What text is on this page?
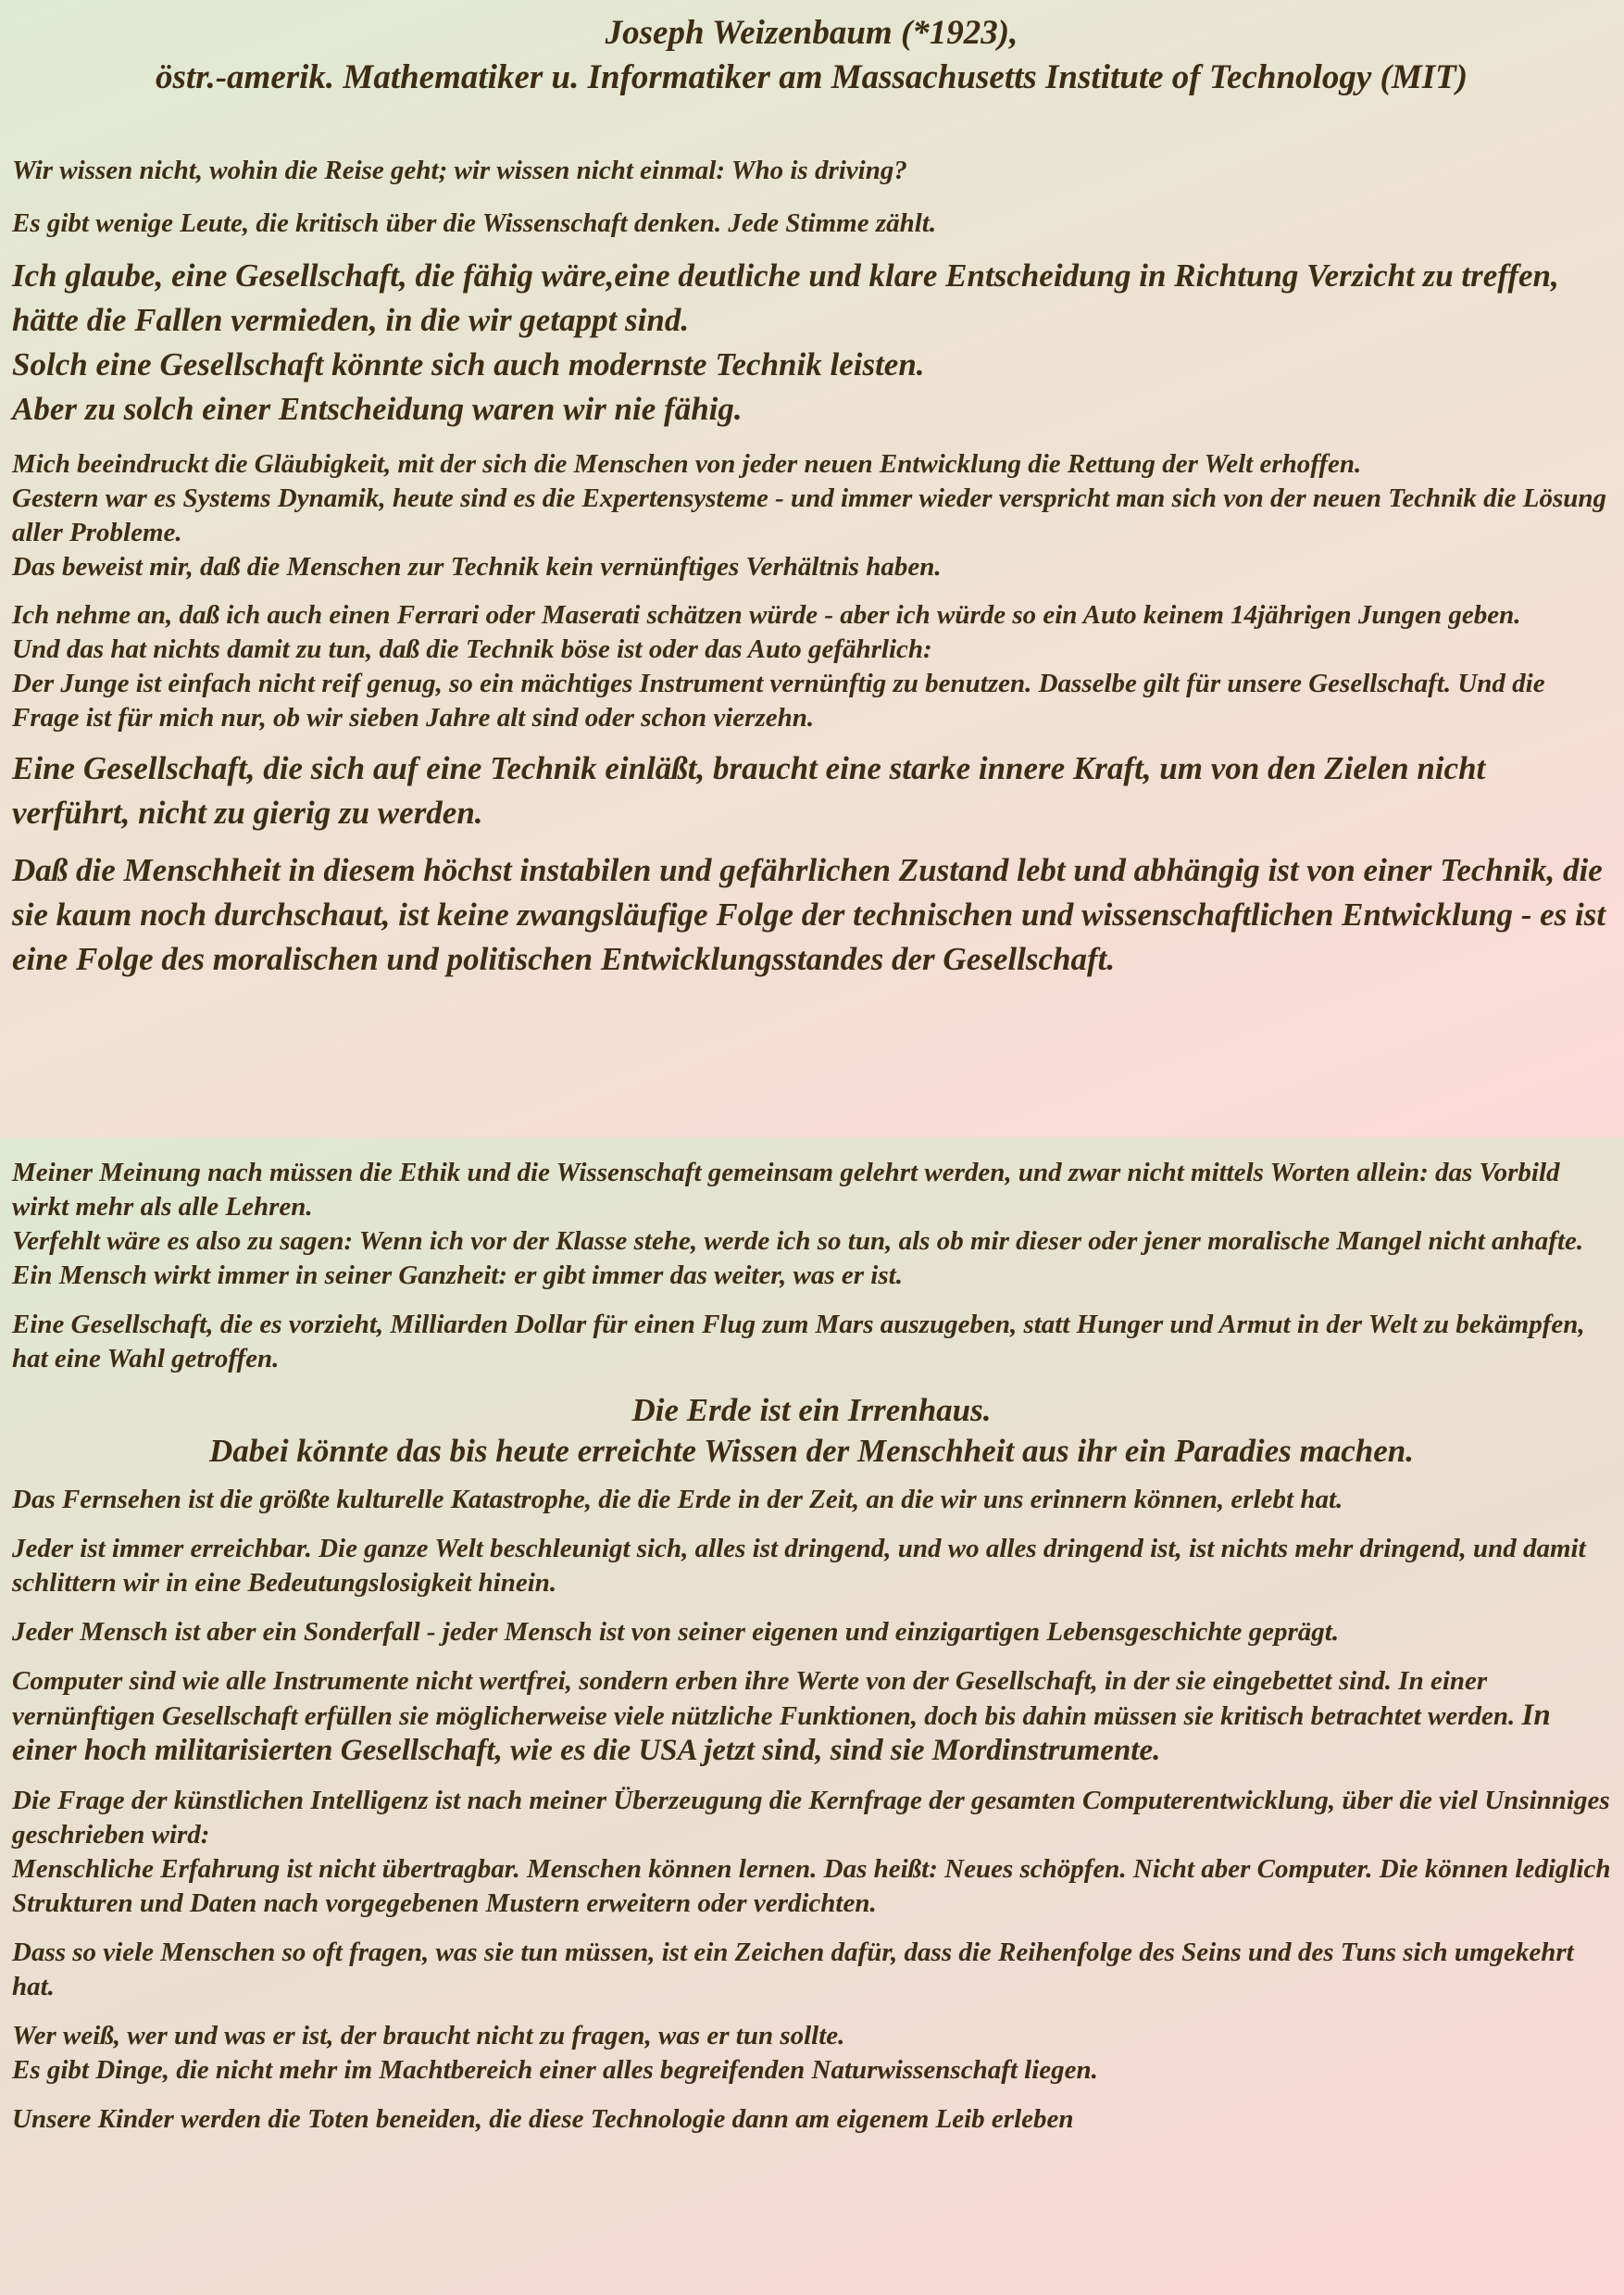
Joseph Weizenbaum (*1923),
östr.-amerik. Mathematiker u. Informatiker am Massachusetts Institute of Technology (MIT)

Wir wissen nicht, wohin die Reise geht; wir wissen nicht einmal: Who is driving?

Es gibt wenige Leute, die kritisch über die Wissenschaft denken. Jede Stimme zählt.

Ich glaube, eine Gesellschaft, die fähig wäre,eine deutliche und klare Entscheidung in Richtung Verzicht zu treffen, hätte die Fallen vermieden, in die wir getappt sind.
Solch eine Gesellschaft könnte sich auch modernste Technik leisten.
Aber zu solch einer Entscheidung waren wir nie fähig.
Mich beeindruckt die Gläubigkeit, mit der sich die Menschen von jeder neuen Entwicklung die Rettung der Welt erhoffen.
Gestern war es Systems Dynamik, heute sind es die Expertensysteme - und immer wieder verspricht man sich von der neuen Technik die Lösung aller Probleme.
Das beweist mir, daß die Menschen zur Technik kein vernünftiges Verhältnis haben.
Ich nehme an, daß ich auch einen Ferrari oder Maserati schätzen würde - aber ich würde so ein Auto keinem 14jährigen Jungen geben.
Und das hat nichts damit zu tun, daß die Technik böse ist oder das Auto gefährlich:
Der Junge ist einfach nicht reif genug, so ein mächtiges Instrument vernünftig zu benutzen. Dasselbe gilt für unsere Gesellschaft. Und die Frage ist für mich nur, ob wir sieben Jahre alt sind oder schon vierzehn.

Eine Gesellschaft, die sich auf eine Technik einläßt, braucht eine starke innere Kraft, um von den Zielen nicht verführt, nicht zu gierig zu werden.

Daß die Menschheit in diesem höchst instabilen und gefährlichen Zustand lebt und abhängig ist von einer Technik, die sie kaum noch durchschaut, ist keine zwangsläufige Folge der technischen und wissenschaftlichen Entwicklung - es ist eine Folge des moralischen und politischen Entwicklungsstandes der Gesellschaft.

Meiner Meinung nach müssen die Ethik und die Wissenschaft gemeinsam gelehrt werden, und zwar nicht mittels Worten allein: das Vorbild wirkt mehr als alle Lehren.
Verfehlt wäre es also zu sagen: Wenn ich vor der Klasse stehe, werde ich so tun, als ob mir dieser oder jener moralische Mangel nicht anhafte. Ein Mensch wirkt immer in seiner Ganzheit: er gibt immer das weiter, was er ist.

Eine Gesellschaft, die es vorzieht, Milliarden Dollar für einen Flug zum Mars auszugeben, statt Hunger und Armut in der Welt zu bekämpfen, hat eine Wahl getroffen.

Die Erde ist ein Irrenhaus.
Dabei könnte das bis heute erreichte Wissen der Menschheit aus ihr ein Paradies machen.

Das Fernsehen ist die größte kulturelle Katastrophe, die die Erde in der Zeit, an die wir uns erinnern können, erlebt hat.

Jeder ist immer erreichbar. Die ganze Welt beschleunigt sich, alles ist dringend, und wo alles dringend ist, ist nichts mehr dringend, und damit schlittern wir in eine Bedeutungslosigkeit hinein.

Jeder Mensch ist aber ein Sonderfall - jeder Mensch ist von seiner eigenen und einzigartigen Lebensgeschichte geprägt.

Computer sind wie alle Instrumente nicht wertfrei, sondern erben ihre Werte von der Gesellschaft, in der sie eingebettet sind. In einer vernünftigen Gesellschaft erfüllen sie möglicherweise viele nützliche Funktionen, doch bis dahin müssen sie kritisch betrachtet werden. In einer hoch militarisierten Gesellschaft, wie es die USA jetzt sind, sind sie Mordinstrumente.

Die Frage der künstlichen Intelligenz ist nach meiner Überzeugung die Kernfrage der gesamten Computerentwicklung, über die viel Unsinniges geschrieben wird:
Menschliche Erfahrung ist nicht übertragbar. Menschen können lernen. Das heißt: Neues schöpfen. Nicht aber Computer. Die können lediglich Strukturen und Daten nach vorgegebenen Mustern erweitern oder verdichten.

Dass so viele Menschen so oft fragen, was sie tun müssen, ist ein Zeichen dafür, dass die Reihenfolge des Seins und des Tuns sich umgekehrt hat.

Wer weiß, wer und was er ist, der braucht nicht zu fragen, was er tun sollte.
Es gibt Dinge, die nicht mehr im Machtbereich einer alles begreifenden Naturwissenschaft liegen.

Unsere Kinder werden die Toten beneiden, die diese Technologie dann am eigenem Leib erleben
